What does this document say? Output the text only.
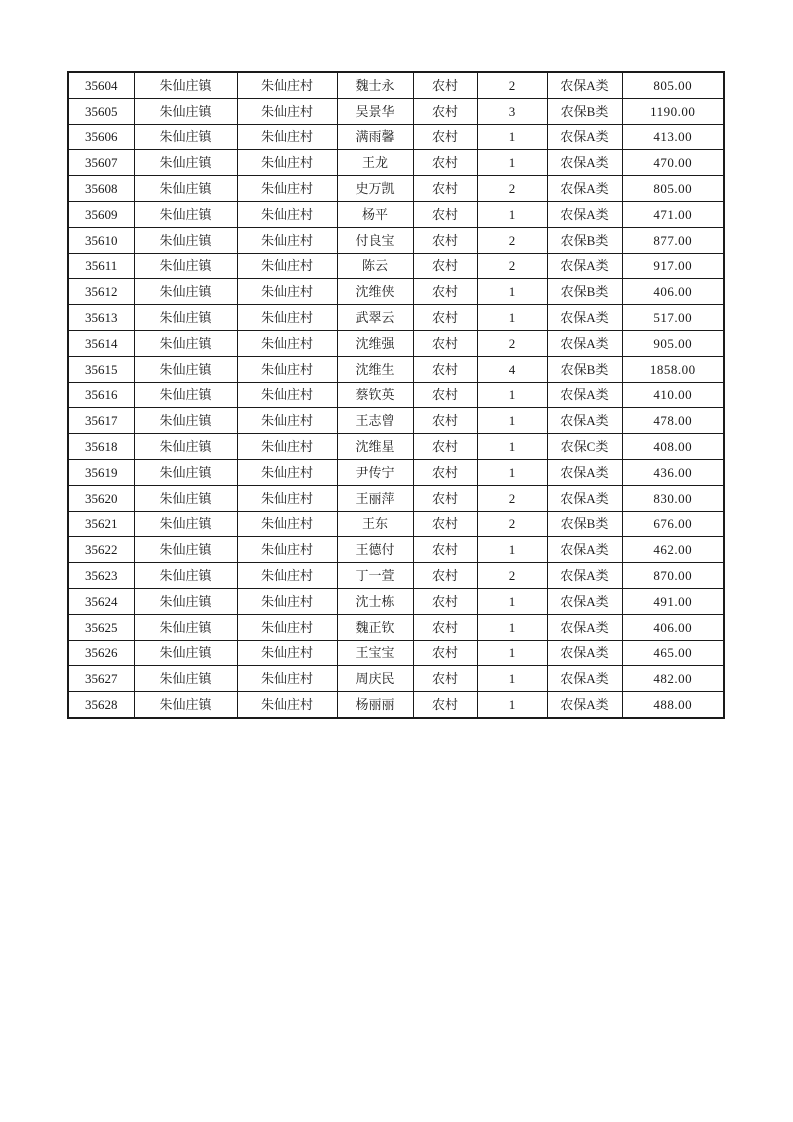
35604	朱仙庄镇	朱仙庄村	魏士永	农村	2	农保A类	805.00
35605	朱仙庄镇	朱仙庄村	吴景华	农村	3	农保B类	1190.00
35606	朱仙庄镇	朱仙庄村	满雨馨	农村	1	农保A类	413.00
35607	朱仙庄镇	朱仙庄村	王龙	农村	1	农保A类	470.00
35608	朱仙庄镇	朱仙庄村	史万凯	农村	2	农保A类	805.00
35609	朱仙庄镇	朱仙庄村	杨平	农村	1	农保A类	471.00
35610	朱仙庄镇	朱仙庄村	付良宝	农村	2	农保B类	877.00
35611	朱仙庄镇	朱仙庄村	陈云	农村	2	农保A类	917.00
35612	朱仙庄镇	朱仙庄村	沈维侠	农村	1	农保B类	406.00
35613	朱仙庄镇	朱仙庄村	武翠云	农村	1	农保A类	517.00
35614	朱仙庄镇	朱仙庄村	沈维强	农村	2	农保A类	905.00
35615	朱仙庄镇	朱仙庄村	沈维生	农村	4	农保B类	1858.00
35616	朱仙庄镇	朱仙庄村	蔡钦英	农村	1	农保A类	410.00
35617	朱仙庄镇	朱仙庄村	王志曾	农村	1	农保A类	478.00
35618	朱仙庄镇	朱仙庄村	沈维星	农村	1	农保C类	408.00
35619	朱仙庄镇	朱仙庄村	尹传宁	农村	1	农保A类	436.00
35620	朱仙庄镇	朱仙庄村	王丽萍	农村	2	农保A类	830.00
35621	朱仙庄镇	朱仙庄村	王东	农村	2	农保B类	676.00
35622	朱仙庄镇	朱仙庄村	王德付	农村	1	农保A类	462.00
35623	朱仙庄镇	朱仙庄村	丁一萱	农村	2	农保A类	870.00
35624	朱仙庄镇	朱仙庄村	沈士栋	农村	1	农保A类	491.00
35625	朱仙庄镇	朱仙庄村	魏正钦	农村	1	农保A类	406.00
35626	朱仙庄镇	朱仙庄村	王宝宝	农村	1	农保A类	465.00
35627	朱仙庄镇	朱仙庄村	周庆民	农村	1	农保A类	482.00
35628	朱仙庄镇	朱仙庄村	杨丽丽	农村	1	农保A类	488.00
